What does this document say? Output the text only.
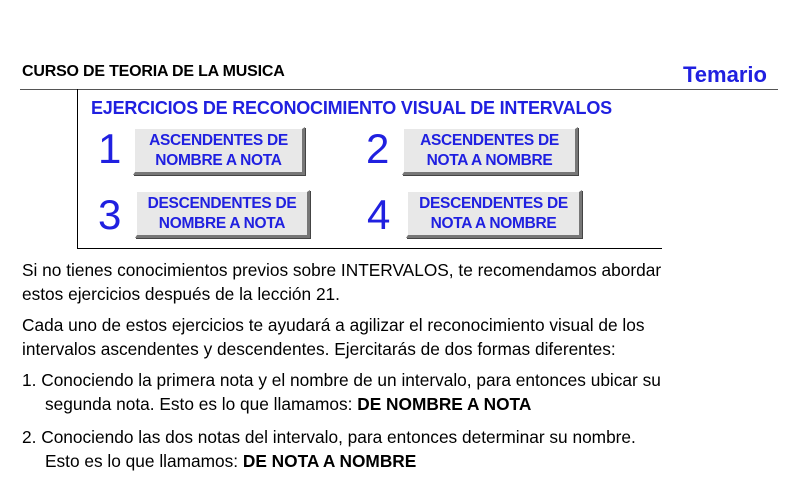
CURSO DE TEORIA DE LA MUSICA	Temario
EJERCICIOS DE RECONOCIMIENTO VISUAL DE INTERVALOS
1	ASCENDENTES DE
NOMBRE A NOTA	2	ASCENDENTES DE
NOTA A NOMBRE
3	DESCENDENTES DE
NOMBRE A NOTA	4	DESCENDENTES DE
NOTA A NOMBRE
Si no tienes conocimientos previos sobre INTERVALOS, te recomendamos abordar
estos ejercicios después de la lección 21.
Cada uno de estos ejercicios te ayudará a agilizar el reconocimiento visual de los
intervalos ascendentes y descendentes. Ejercitarás de dos formas diferentes:
1. Conociendo la primera nota y el nombre de un intervalo, para entonces ubicar su
segunda nota. Esto es lo que llamamos: DE NOMBRE A NOTA
2. Conociendo las dos notas del intervalo, para entonces determinar su nombre.
Esto es lo que llamamos: DE NOTA A NOMBRE
